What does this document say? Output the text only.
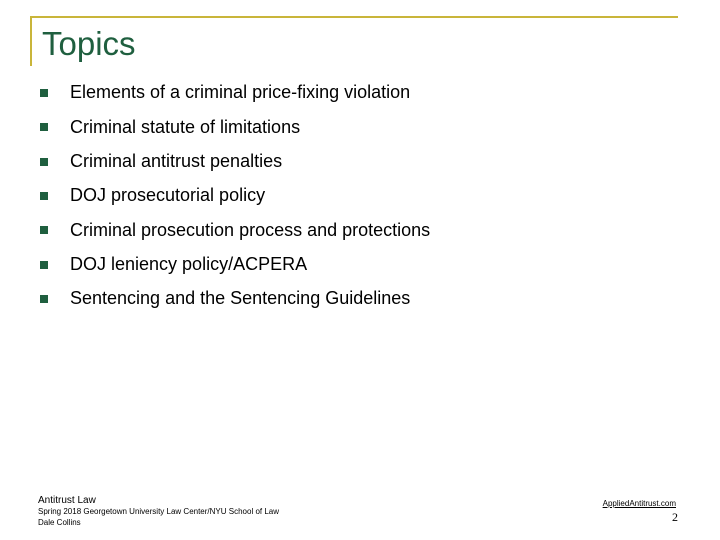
Topics
Elements of a criminal price-fixing violation
Criminal statute of limitations
Criminal antitrust penalties
DOJ prosecutorial policy
Criminal prosecution process and protections
DOJ leniency policy/ACPERA
Sentencing and the Sentencing Guidelines
Antitrust Law
Spring 2018 Georgetown University Law Center/NYU School of Law
Dale Collins
AppliedAntitrust.com
2
